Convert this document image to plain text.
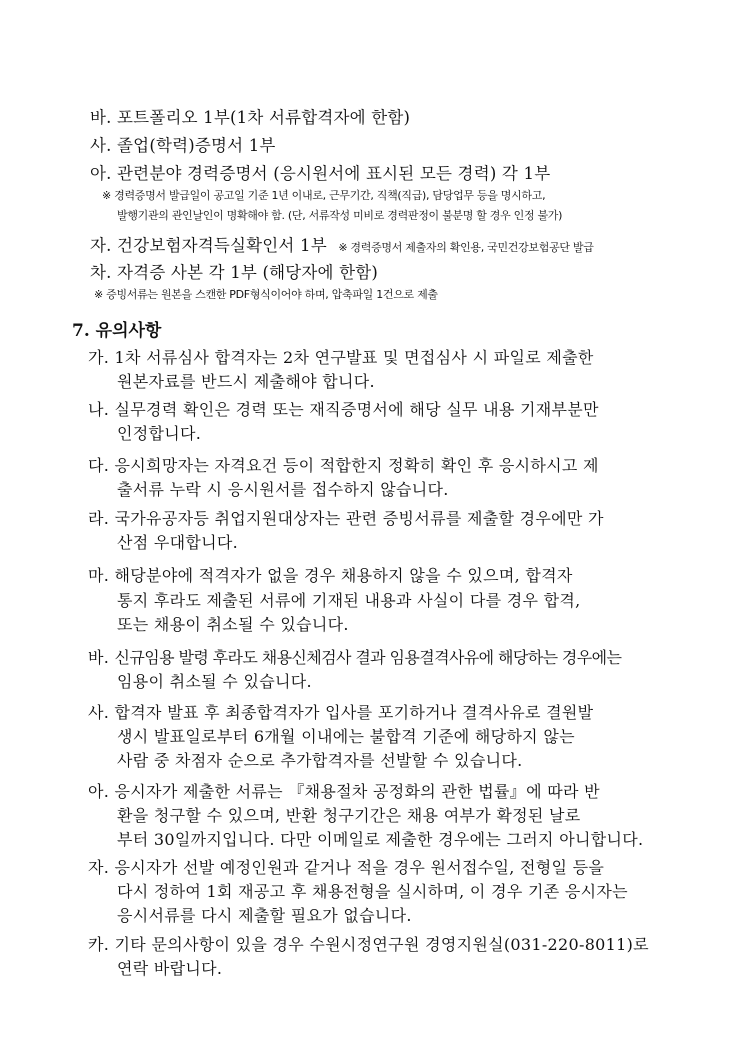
바. 포트폴리오 1부(1차 서류합격자에 한함)
사. 졸업(학력)증명서 1부
아. 관련분야 경력증명서 (응시원서에 표시된 모든 경력) 각 1부
※ 경력증명서 발급일이 공고일 기준 1년 이내로, 근무기간, 직책(직급), 담당업무 등을 명시하고,
발행기관의 관인날인이 명확해야 함. (단, 서류작성 미비로 경력판정이 불분명 할 경우 인정 불가)
자. 건강보험자격득실확인서 1부 ※ 경력증명서 제출자의 확인용, 국민건강보험공단 발급
차. 자격증 사본 각 1부 (해당자에 한함)
※ 증빙서류는 원본을 스캔한 PDF형식이어야 하며, 압축파일 1건으로 제출
7. 유의사항
가. 1차 서류심사 합격자는 2차 연구발표 및 면접심사 시 파일로 제출한
원본자료를 반드시 제출해야 합니다.
나. 실무경력 확인은 경력 또는 재직증명서에 해당 실무 내용 기재부분만
인정합니다.
다. 응시희망자는 자격요건 등이 적합한지 정확히 확인 후 응시하시고 제
출서류 누락 시 응시원서를 접수하지 않습니다.
라. 국가유공자등 취업지원대상자는 관련 증빙서류를 제출할 경우에만 가
산점 우대합니다.
마. 해당분야에 적격자가 없을 경우 채용하지 않을 수 있으며, 합격자
통지 후라도 제출된 서류에 기재된 내용과 사실이 다를 경우 합격,
또는 채용이 취소될 수 있습니다.
바. 신규임용 발령 후라도 채용신체검사 결과 임용결격사유에 해당하는 경우에는
임용이 취소될 수 있습니다.
사. 합격자 발표 후 최종합격자가 입사를 포기하거나 결격사유로 결원발
생시 발표일로부터 6개월 이내에는 불합격 기준에 해당하지 않는
사람 중 차점자 순으로 추가합격자를 선발할 수 있습니다.
아. 응시자가 제출한 서류는 『채용절차 공정화의 관한 법률』에 따라 반
환을 청구할 수 있으며, 반환 청구기간은 채용 여부가 확정된 날로
부터 30일까지입니다. 다만 이메일로 제출한 경우에는 그러지 아니합니다.
자. 응시자가 선발 예정인원과 같거나 적을 경우 원서접수일, 전형일 등을
다시 정하여 1회 재공고 후 채용전형을 실시하며, 이 경우 기존 응시자는
응시서류를 다시 제출할 필요가 없습니다.
카. 기타 문의사항이 있을 경우 수원시정연구원 경영지원실(031-220-8011)로
연락 바랍니다.
